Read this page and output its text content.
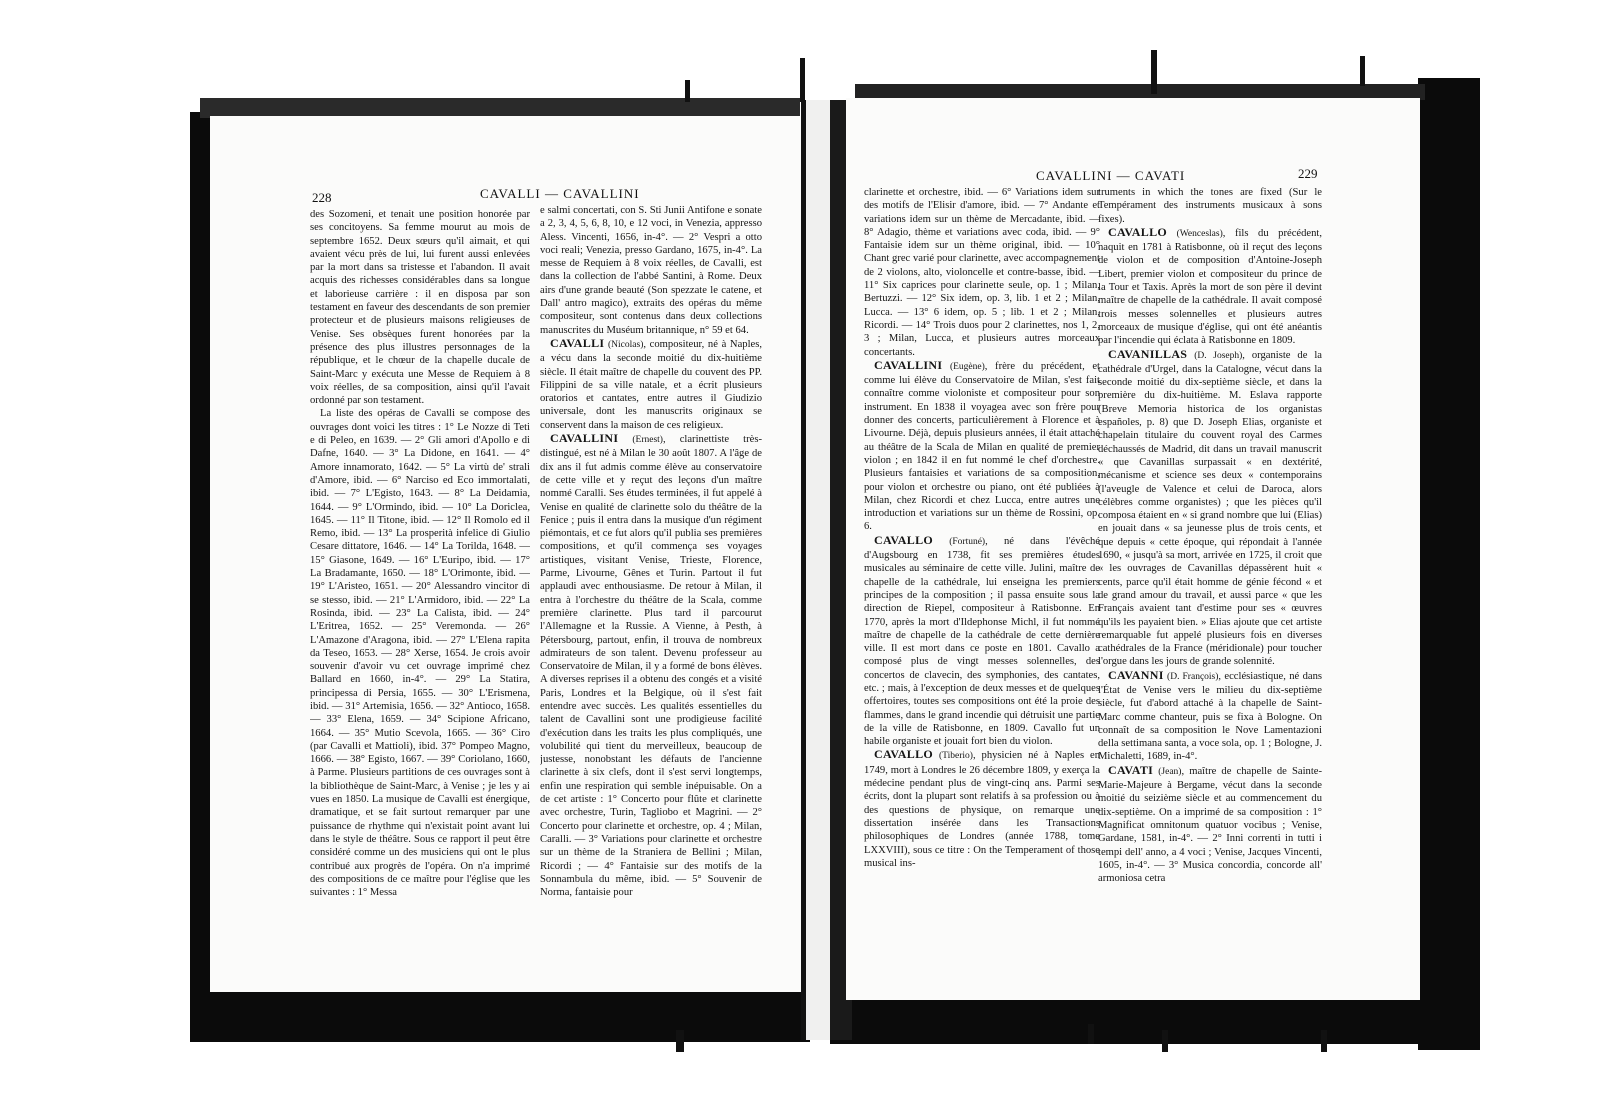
228	CAVALLI — CAVALLINI

des Sozomeni, et tenait une position honorée par ses concitoyens. Sa femme mourut au mois de septembre 1652. Deux sœurs qu'il aimait, et qui avaient vécu près de lui, lui furent aussi enlevées par la mort dans sa tristesse et l'abandon. Il avait acquis des richesses considérables dans sa longue et laborieuse carrière : il en disposa par son testament en faveur des descendants de son premier protecteur et de plusieurs maisons religieuses de Venise. Ses obsèques furent honorées par la présence des plus illustres personnages de la république, et le chœur de la chapelle ducale de Saint-Marc y exécuta une Messe de Requiem à 8 voix réelles, de sa composition, ainsi qu'il l'avait ordonné par son testament.

La liste des opéras de Cavalli se compose des ouvrages dont voici les titres : 1° Le Nozze di Teti e di Peleo, en 1639. — 2° Gli amori d'Apollo e di Dafne, 1640. — 3° La Didone, en 1641. — 4° Amore innamorato, 1642. — 5° La virtù de' strali d'Amore, ibid. — 6° Narciso ed Eco immortalati, ibid. — 7° L'Egisto, 1643. — 8° La Deidamia, 1644. — 9° L'Ormindo, ibid. — 10° La Doriclea, 1645. — 11° Il Titone, ibid. — 12° Il Romolo ed il Remo, ibid. — 13° La prosperità infelice di Giulio Cesare dittatore, 1646. — 14° La Torilda, 1648. — 15° Giasone, 1649. — 16° L'Euripo, ibid. — 17° La Bradamante, 1650. — 18° L'Orimonte, ibid. — 19° L'Aristeo, 1651. — 20° Alessandro vincitor di se stesso, ibid. — 21° L'Armidoro, ibid. — 22° La Rosinda, ibid. — 23° La Calista, ibid. — 24° L'Eritrea, 1652. — 25° Veremonda. — 26° L'Amazone d'Aragona, ibid. — 27° L'Elena rapita da Teseo, 1653. — 28° Xerse, 1654. Je crois avoir souvenir d'avoir vu cet ouvrage imprimé chez Ballard en 1660, in-4°. — 29° La Statira, principessa di Persia, 1655. — 30° L'Erismena, ibid. — 31° Artemisia, 1656. — 32° Antioco, 1658. — 33° Elena, 1659. — 34° Scipione Africano, 1664. — 35° Mutio Scevola, 1665. — 36° Ciro (par Cavalli et Mattioli), ibid. 37° Pompeo Magno, 1666. — 38° Egisto, 1667. — 39° Coriolano, 1660, à Parme. Plusieurs partitions de ces ouvrages sont à la bibliothèque de Saint-Marc, à Venise ; je les y ai vues en 1850. La musique de Cavalli est énergique, dramatique, et se fait surtout remarquer par une puissance de rhythme qui n'existait point avant lui dans le style de théâtre. Sous ce rapport il peut être considéré comme un des musiciens qui ont le plus contribué aux progrès de l'opéra. On n'a imprimé des compositions de ce maître pour l'église que les suivantes : 1° Messa

e salmi concertati, con S. Sti Junii Antifone e sonate a 2, 3, 4, 5, 6, 8, 10, e 12 voci, in Venezia, appresso Aless. Vincenti, 1656, in-4°. — 2° Vespri a otto voci reali; Venezia, presso Gardano, 1675, in-4°. La messe de Requiem à 8 voix réelles, de Cavalli, est dans la collection de l'abbé Santini, à Rome. Deux airs d'une grande beauté (Son spezzate le catene, et Dall' antro magico), extraits des opéras du même compositeur, sont contenus dans deux collections manuscrites du Muséum britannique, n° 59 et 64.

CAVALLI (Nicolas), compositeur, né à Naples, a vécu dans la seconde moitié du dix-huitième siècle. Il était maître de chapelle du couvent des PP. Filippini de sa ville natale, et a écrit plusieurs oratorios et cantates, entre autres il Giudizio universale, dont les manuscrits originaux se conservent dans la maison de ces religieux.

CAVALLINI (Ernest), clarinettiste très-distingué, est né à Milan le 30 août 1807. A l'âge de dix ans il fut admis comme élève au conservatoire de cette ville et y reçut des leçons d'un maître nommé Caralli. Ses études terminées, il fut appelé à Venise en qualité de clarinette solo du théâtre de la Fenice ; puis il entra dans la musique d'un régiment piémontais, et ce fut alors qu'il publia ses premières compositions, et qu'il commença ses voyages artistiques, visitant Venise, Trieste, Florence, Parme, Livourne, Gênes et Turin. Partout il fut applaudi avec enthousiasme. De retour à Milan, il entra à l'orchestre du théâtre de la Scala, comme première clarinette. Plus tard il parcourut l'Allemagne et la Russie. A Vienne, à Pesth, à Pétersbourg, partout, enfin, il trouva de nombreux admirateurs de son talent. Devenu professeur au Conservatoire de Milan, il y a formé de bons élèves. A diverses reprises il a obtenu des congés et a visité Paris, Londres et la Belgique, où il s'est fait entendre avec succès. Les qualités essentielles du talent de Cavallini sont une prodigieuse facilité d'exécution dans les traits les plus compliqués, une volubilité qui tient du merveilleux, beaucoup de justesse, nonobstant les défauts de l'ancienne clarinette à six clefs, dont il s'est servi longtemps, enfin une respiration qui semble inépuisable. On a de cet artiste : 1° Concerto pour flûte et clarinette avec orchestre, Turin, Tagliobo et Magrini. — 2° Concerto pour clarinette et orchestre, op. 4 ; Milan, Caralli. — 3° Variations pour clarinette et orchestre sur un thème de la Straniera de Bellini ; Milan, Ricordi ; — 4° Fantaisie sur des motifs de la Sonnambula du même, ibid. — 5° Souvenir de Norma, fantaisie pour

CAVALLINI — CAVATI	229

clarinette et orchestre, ibid. — 6° Variations idem sur des motifs de l'Elisir d'amore, ibid. — 7° Andante et variations idem sur un thème de Mercadante, ibid. — 8° Adagio, thème et variations avec coda, ibid. — 9° Fantaisie idem sur un thème original, ibid. — 10° Chant grec varié pour clarinette, avec accompagnement de 2 violons, alto, violoncelle et contre-basse, ibid. — 11° Six caprices pour clarinette seule, op. 1 ; Milan, Bertuzzi. — 12° Six idem, op. 3, lib. 1 et 2 ; Milan, Lucca. — 13° 6 idem, op. 5 ; lib. 1 et 2 ; Milan, Ricordi. — 14° Trois duos pour 2 clarinettes, nos 1, 2, 3 ; Milan, Lucca, et plusieurs autres morceaux concertants.

CAVALLINI (Eugène), frère du précédent, et comme lui élève du Conservatoire de Milan, s'est fait connaître comme violoniste et compositeur pour son instrument. En 1838 il voyagea avec son frère pour donner des concerts, particulièrement à Florence et à Livourne. Déjà, depuis plusieurs années, il était attaché au théâtre de la Scala de Milan en qualité de premier violon ; en 1842 il en fut nommé le chef d'orchestre. Plusieurs fantaisies et variations de sa composition, pour violon et orchestre ou piano, ont été publiées à Milan, chez Ricordi et chez Lucca, entre autres une introduction et variations sur un thème de Rossini, op. 6.

CAVALLO (Fortuné), né dans l'évêché d'Augsbourg en 1738, fit ses premières études musicales au séminaire de cette ville. Julini, maître de chapelle de la cathédrale, lui enseigna les premiers principes de la composition ; il passa ensuite sous la direction de Riepel, compositeur à Ratisbonne. En 1770, après la mort d'Ildephonse Michl, il fut nommé maître de chapelle de la cathédrale de cette dernière ville. Il est mort dans ce poste en 1801. Cavallo a composé plus de vingt messes solennelles, des concertos de clavecin, des symphonies, des cantates, etc. ; mais, à l'exception de deux messes et de quelques offertoires, toutes ses compositions ont été la proie des flammes, dans le grand incendie qui détruisit une partie de la ville de Ratisbonne, en 1809. Cavallo fut un habile organiste et jouait fort bien du violon.

CAVALLO (Tiberio), physicien né à Naples en 1749, mort à Londres le 26 décembre 1809, y exerça la médecine pendant plus de vingt-cinq ans. Parmi ses écrits, dont la plupart sont relatifs à sa profession ou à des questions de physique, on remarque une dissertation insérée dans les Transactions philosophiques de Londres (année 1788, tome LXXVIII), sous ce titre : On the Temperament of those musical ins-

truments in which the tones are fixed (Sur le Tempérament des instruments musicaux à sons fixes).

CAVALLO (Wenceslas), fils du précédent, naquit en 1781 à Ratisbonne, où il reçut des leçons de violon et de composition d'Antoine-Joseph Libert, premier violon et compositeur du prince de la Tour et Taxis. Après la mort de son père il devint maître de chapelle de la cathédrale. Il avait composé trois messes solennelles et plusieurs autres morceaux de musique d'église, qui ont été anéantis par l'incendie qui éclata à Ratisbonne en 1809.

CAVANILLAS (D. Joseph), organiste de la cathédrale d'Urgel, dans la Catalogne, vécut dans la seconde moitié du dix-septième siècle, et dans la première du dix-huitième. M. Eslava rapporte (Breve Memoria historica de los organistas españoles, p. 8) que D. Joseph Elias, organiste et chapelain titulaire du couvent royal des Carmes déchaussés de Madrid, dit dans un travail manuscrit « que Cavanillas surpassait « en dextérité, mécanisme et science ses deux « contemporains (l'aveugle de Valence et celui de Daroca, alors célèbres comme organistes) ; que les pièces qu'il composa étaient en « si grand nombre que lui (Elias) en jouait dans « sa jeunesse plus de trois cents, et que depuis « cette époque, qui répondait à l'année 1690, « jusqu'à sa mort, arrivée en 1725, il croit que « les ouvrages de Cavanillas dépassèrent huit « cents, parce qu'il était homme de génie fécond « et de grand amour du travail, et aussi parce « que les Français avaient tant d'estime pour ses « œuvres qu'ils les payaient bien. » Elias ajoute que cet artiste remarquable fut appelé plusieurs fois en diverses cathédrales de la France (méridionale) pour toucher l'orgue dans les jours de grande solennité.

CAVANNI (D. François), ecclésiastique, né dans l'État de Venise vers le milieu du dix-septième siècle, fut d'abord attaché à la chapelle de Saint-Marc comme chanteur, puis se fixa à Bologne. On connaît de sa composition le Nove Lamentazioni della settimana santa, a voce sola, op. 1 ; Bologne, J. Michaletti, 1689, in-4°.

CAVATI (Jean), maître de chapelle de Sainte-Marie-Majeure à Bergame, vécut dans la seconde moitié du seizième siècle et au commencement du dix-septième. On a imprimé de sa composition : 1° Magnificat omnitonum quatuor vocibus ; Venise, Gardane, 1581, in-4°. — 2° Inni correnti in tutti i tempi dell' anno, a 4 voci ; Venise, Jacques Vincenti, 1605, in-4°. — 3° Musica concordia, concorde all' armoniosa cetra
